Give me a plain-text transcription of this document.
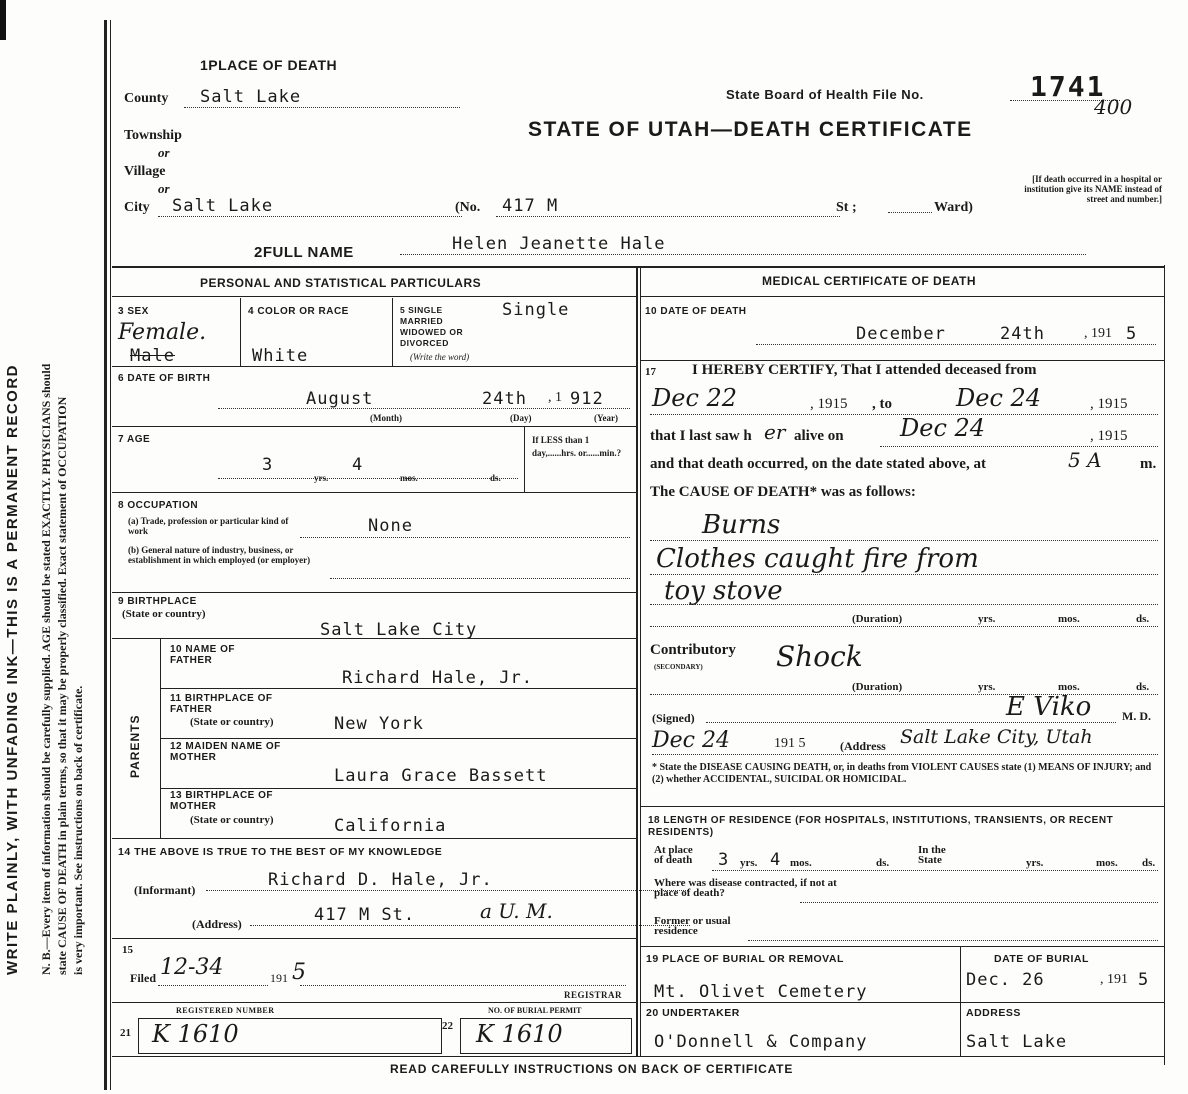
WRITE PLAINLY, WITH UNFADING INK—THIS IS A PERMANENT RECORD N. B.—Every item of information should be carefully supplied. AGE should be stated EXACTLY. PHYSICIANS should state CAUSE OF DEATH in plain terms, so that it may be properly classified. Exact statement of OCCUPATION is very important. See instructions on back of certificate.
1PLACE OF DEATH
County	Salt Lake
Township
or
Village
or
City	Salt Lake	(No.	417 M	St ;	Ward)
State Board of Health File No.	1741
400
STATE OF UTAH—DEATH CERTIFICATE
[If death occurred in a hospital or institution give its NAME instead of street and number.]
2FULL NAME	Helen Jeanette Hale
PERSONAL AND STATISTICAL PARTICULARS
3 SEX
Female.
Male
4 COLOR OR RACE
White
5 SINGLE MARRIED WIDOWED OR DIVORCED
(Write the word)
Single
6 DATE OF BIRTH
August	24th , 1 912
(Month)	(Day)	(Year)
7 AGE
3	4
yrs.	mos.	ds.
If LESS than 1 day,......hrs. or......min.?
8 OCCUPATION
(a) Trade, profession or particular kind of work
(b) General nature of industry, business, or establishment in which employed (or employer)
None
9 BIRTHPLACE
(State or country)
Salt Lake City
PARENTS
10 NAME OF FATHER
Richard Hale, Jr.
11 BIRTHPLACE OF FATHER
(State or country)	New York
12 MAIDEN NAME OF MOTHER
Laura Grace Bassett
13 BIRTHPLACE OF MOTHER
(State or country)	California
14 THE ABOVE IS TRUE TO THE BEST OF MY KNOWLEDGE
(Informant)	Richard D. Hale, Jr.
(Address)	417 M St.	a U. M.
15
Filed 12-34	191 5
REGISTRAR
21
REGISTERED NUMBER
K 1610	22
NO. OF BURIAL PERMIT
K 1610
MEDICAL CERTIFICATE OF DEATH
10 DATE OF DEATH
December	24th	, 191 5
17 I HEREBY CERTIFY, That I attended deceased from
Dec 22	, 1915 , to	Dec 24	, 1915
that I last saw h er alive on Dec 24	, 1915
and that death occurred, on the date stated above, at	5 A	m.
The CAUSE OF DEATH* was as follows:
Burns
Clothes caught fire from
toy stove
(Duration)	yrs.	mos.	ds.
Contributory
(SECONDARY)	Shock
(Duration)	yrs.	mos.	ds.
(Signed)	E Viko	M. D.
Dec 24	191 5	(Address Salt Lake City, Utah
* State the DISEASE CAUSING DEATH, or, in deaths from VIOLENT CAUSES state (1) MEANS OF INJURY; and (2) whether ACCIDENTAL, SUICIDAL OR HOMICIDAL.
18 LENGTH OF RESIDENCE (FOR HOSPITALS, INSTITUTIONS, TRANSIENTS, OR RECENT RESIDENTS)
At place of death	3 yrs. 4 mos.	ds.
In the State	yrs.	mos. ds.
Where was disease contracted, if not at place of death?
Former or usual residence
19 PLACE OF BURIAL OR REMOVAL
Mt. Olivet Cemetery
DATE OF BURIAL
Dec. 26	, 191 5
20 UNDERTAKER
O'Donnell & Company
ADDRESS
Salt Lake
READ CAREFULLY INSTRUCTIONS ON BACK OF CERTIFICATE
